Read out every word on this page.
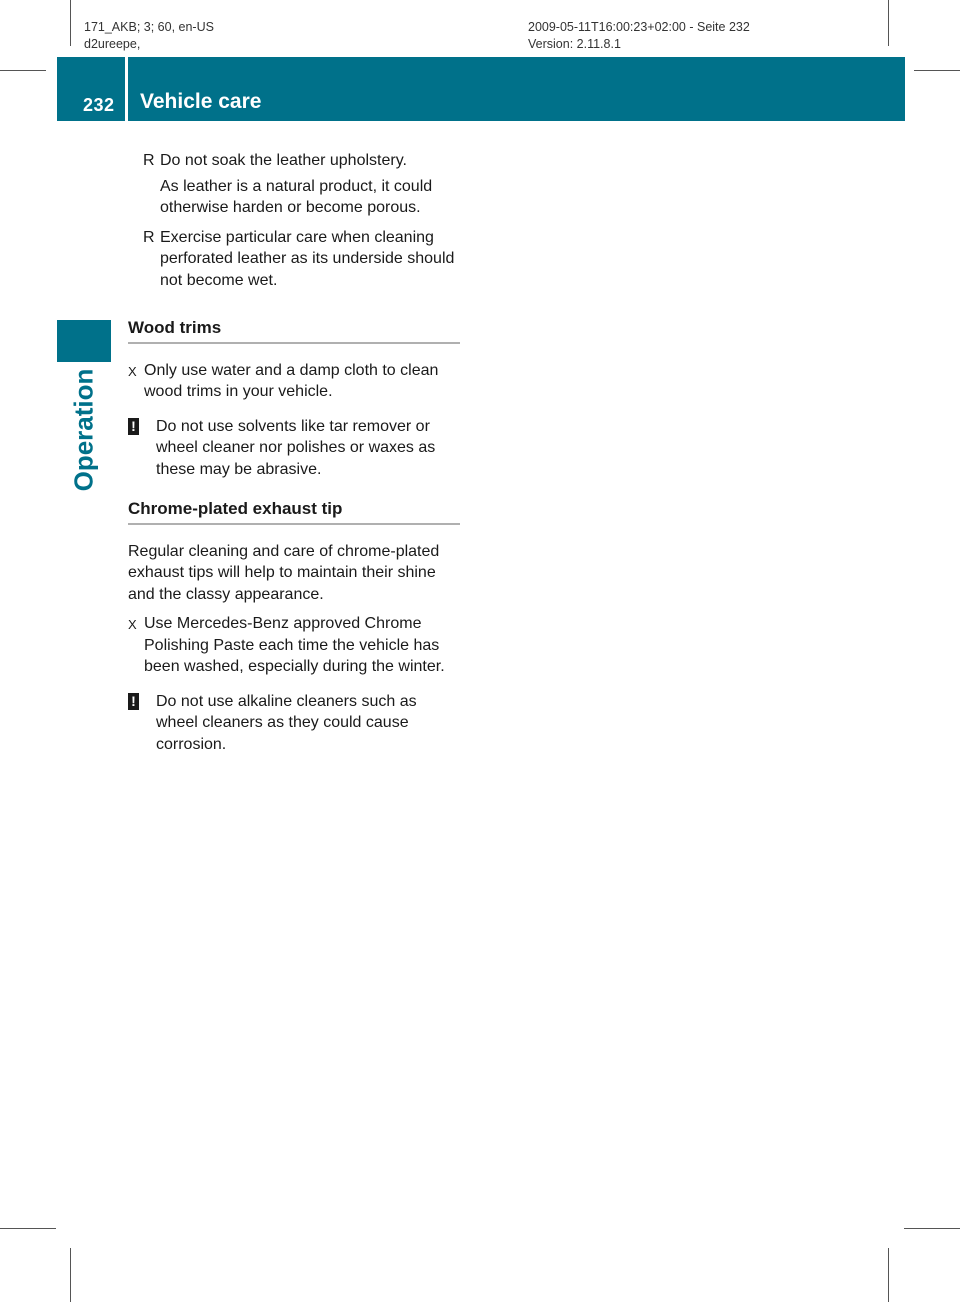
171_AKB; 3; 60, en-US
d2ureepe,
2009-05-11T16:00:23+02:00 - Seite 232
Version: 2.11.8.1
232 Vehicle care
Operation
R Do not soak the leather upholstery.

As leather is a natural product, it could otherwise harden or become porous.

R Exercise particular care when cleaning perforated leather as its underside should not become wet.

Wood trims
X Only use water and a damp cloth to clean wood trims in your vehicle.
!	Do not use solvents like tar remover or wheel cleaner nor polishes or waxes as these may be abrasive.
Chrome-plated exhaust tip

Regular cleaning and care of chrome-plated exhaust tips will help to maintain their shine and the classy appearance.

X Use Mercedes-Benz approved Chrome Polishing Paste each time the vehicle has been washed, especially during the winter.
!	Do not use alkaline cleaners such as wheel cleaners as they could cause corrosion.
